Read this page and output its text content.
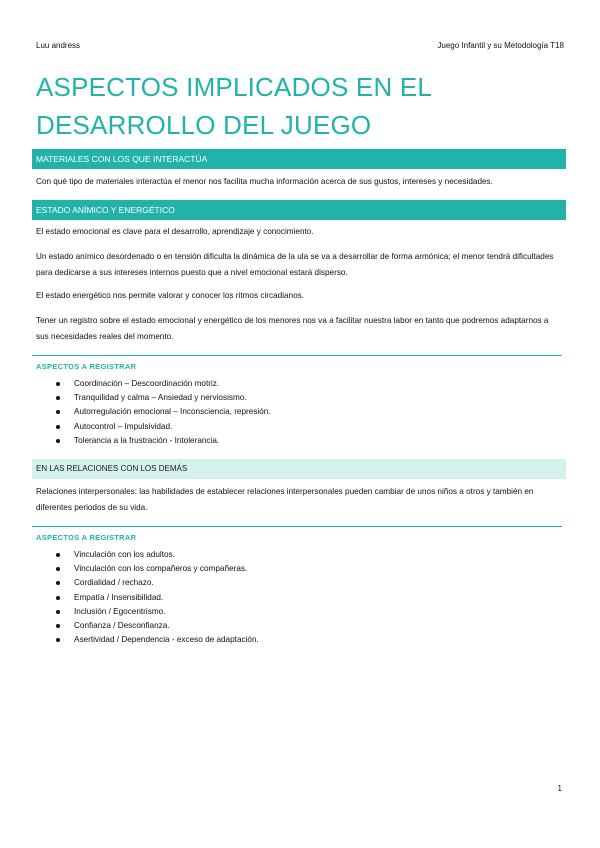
Luu andress	Juego Infantil y su Metodología T18
ASPECTOS IMPLICADOS EN EL DESARROLLO DEL JUEGO
MATERIALES CON LOS QUE INTERACTÚA

Con qué tipo de materiales interactúa el menor nos facilita mucha información acerca de sus gustos, intereses y necesidades.

ESTADO ANÍMICO Y ENERGÉTICO

El estado emocional es clave para el desarrollo, aprendizaje y conocimiento.

Un estado anímico desordenado o en tensión dificulta la dinámica de la ula se va a desarrollar de forma armónica; el menor tendrá dificultades para dedicarse a sus intereses internos puesto que a nivel emocional estará disperso.

El estado energético nos permite valorar y conocer los ritmos circadianos.

Tener un registro sobre el estado emocional y energético de los menores nos va a facilitar nuestra labor en tanto que podremos adaptarnos a sus necesidades reales del momento.

ASPECTOS A REGISTRAR
Coordinación – Descoordinación motriz.
Tranquilidad y calma – Ansiedad y nerviosismo.
Autorregulación emocional – Inconsciencia, represión.
Autocontrol – Impulsividad.
Tolerancia a la frustración - Intolerancia.
EN LAS RELACIONES CON LOS DEMÁS

Relaciones interpersonales: las habilidades de establecer relaciones interpersonales pueden cambiar de unos niños a otros y también en diferentes periodos de su vida.

ASPECTOS A REGISTRAR
Vinculación con los adultos.
Vinculación con los compañeros y compañeras.
Cordialidad / rechazo.
Empatía / Insensibilidad.
Inclusión / Egocentrismo.
Confianza / Desconfianza.
Asertividad / Dependencia - exceso de adaptación.
1
